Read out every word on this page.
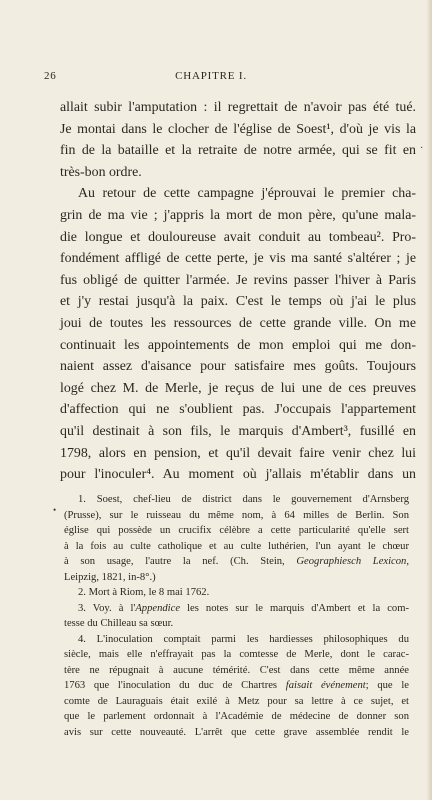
26	CHAPITRE I.

allait subir l'amputation : il regrettait de n'avoir pas été tué.

Je montai dans le clocher de l'église de Soest¹, d'où je vis la

fin de la bataille et la retraite de notre armée, qui se fit en

très-bon ordre.

Au retour de cette campagne j'éprouvai le premier cha-

grin de ma vie ; j'appris la mort de mon père, qu'une mala-

die longue et douloureuse avait conduit au tombeau². Pro-

fondément affligé de cette perte, je vis ma santé s'altérer ; je

fus obligé de quitter l'armée. Je revins passer l'hiver à Paris

et j'y restai jusqu'à la paix. C'est le temps où j'ai le plus

joui de toutes les ressources de cette grande ville. On me

continuait les appointements de mon emploi qui me don-

naient assez d'aisance pour satisfaire mes goûts. Toujours

logé chez M. de Merle, je reçus de lui une de ces preuves

d'affection qui ne s'oublient pas. J'occupais l'appartement

qu'il destinait à son fils, le marquis d'Ambert³, fusillé en

1798, alors en pension, et qu'il devait faire venir chez lui

pour l'inoculer⁴. Au moment où j'allais m'établir dans un

•
·
1. Soest, chef-lieu de district dans le gouvernement d'Arnsberg
(Prusse), sur le ruisseau du même nom, à 64 milles de Berlin. Son
église qui possède un crucifix célèbre a cette particularité qu'elle sert
à la fois au culte catholique et au culte luthérien, l'un ayant le chœur
à son usage, l'autre la nef. (Ch. Stein, Geographiesch Lexicon,
Leipzig, 1821, in-8°.)
2. Mort à Riom, le 8 mai 1762.
3. Voy. à l'Appendice les notes sur le marquis d'Ambert et la com-
tesse du Chilleau sa sœur.
4. L'inoculation comptait parmi les hardiesses philosophiques du
siècle, mais elle n'effrayait pas la comtesse de Merle, dont le carac-
tère ne répugnait à aucune témérité. C'est dans cette même année
1763 que l'inoculation du duc de Chartres faisait événement; que le
comte de Lauraguais était exilé à Metz pour sa lettre à ce sujet, et
que le parlement ordonnait à l'Académie de médecine de donner son
avis sur cette nouveauté. L'arrêt que cette grave assemblée rendit le
